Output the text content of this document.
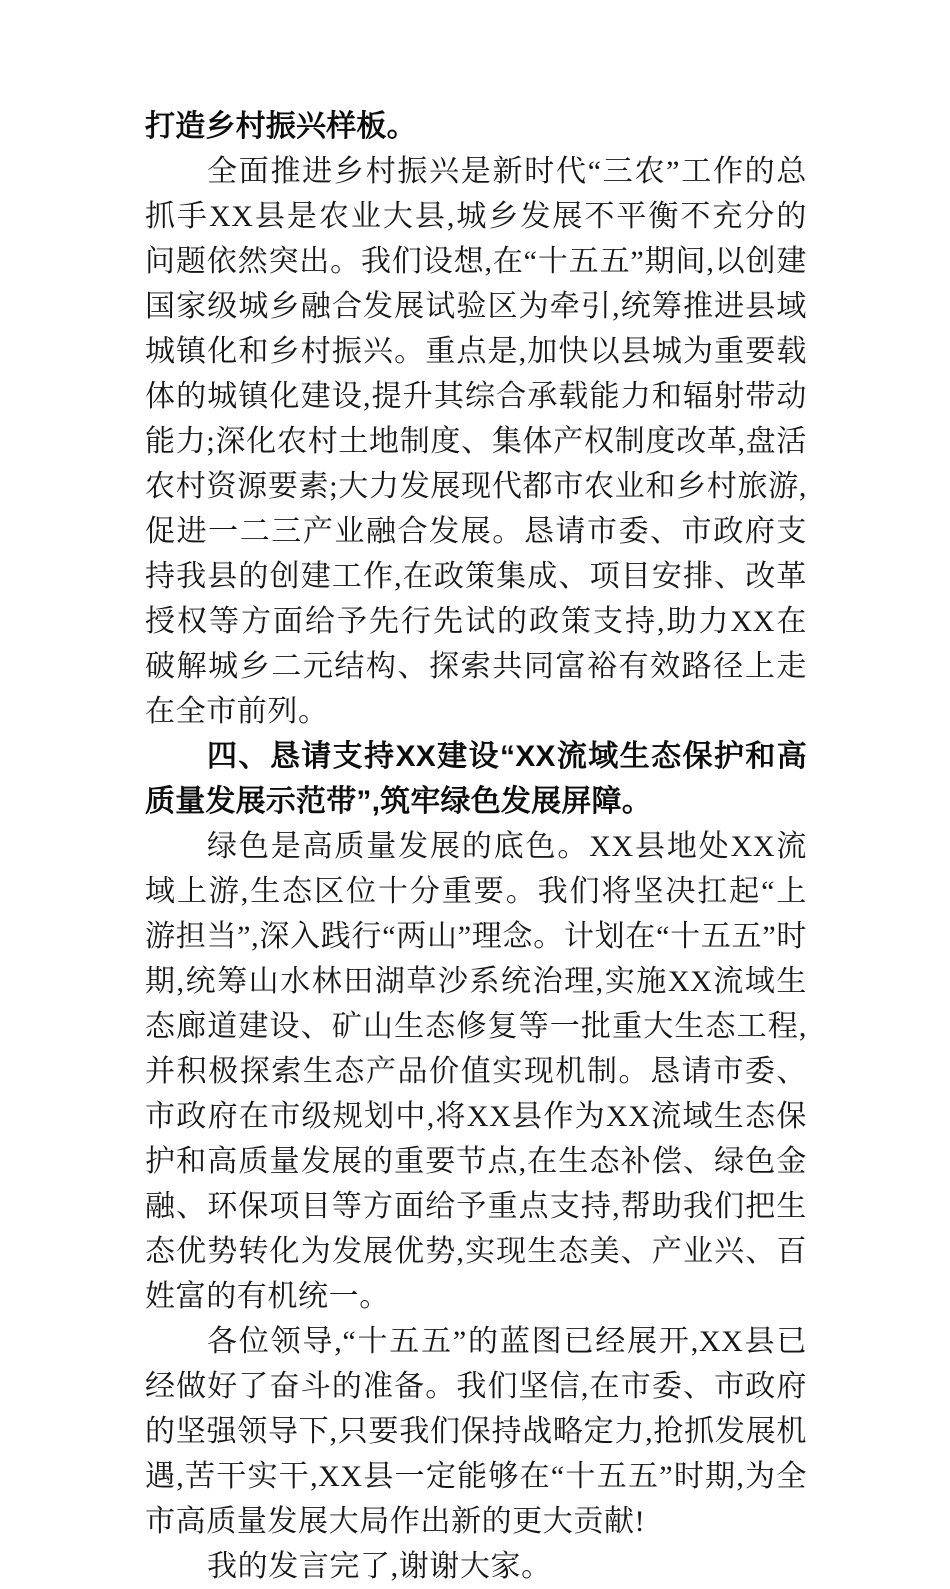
打造乡村振兴样板。

全面推进乡村振兴是新时代“三农”工作的总抓手XX县是农业大县,城乡发展不平衡不充分的问题依然突出。我们设想,在“十五五”期间,以创建国家级城乡融合发展试验区为牵引,统筹推进县域城镇化和乡村振兴。重点是,加快以县城为重要载体的城镇化建设,提升其综合承载能力和辐射带动能力;深化农村土地制度、集体产权制度改革,盘活农村资源要素;大力发展现代都市农业和乡村旅游,促进一二三产业融合发展。恳请市委、市政府支持我县的创建工作,在政策集成、项目安排、改革授权等方面给予先行先试的政策支持,助力XX在破解城乡二元结构、探索共同富裕有效路径上走在全市前列。

四、恳请支持XX建设“XX流域生态保护和高质量发展示范带”,筑牢绿色发展屏障。

绿色是高质量发展的底色。XX县地处XX流域上游,生态区位十分重要。我们将坚决扛起“上游担当”,深入践行“两山”理念。计划在“十五五”时期,统筹山水林田湖草沙系统治理,实施XX流域生态廊道建设、矿山生态修复等一批重大生态工程,并积极探索生态产品价值实现机制。恳请市委、市政府在市级规划中,将XX县作为XX流域生态保护和高质量发展的重要节点,在生态补偿、绿色金融、环保项目等方面给予重点支持,帮助我们把生态优势转化为发展优势,实现生态美、产业兴、百姓富的有机统一。

各位领导,“十五五”的蓝图已经展开,XX县已经做好了奋斗的准备。我们坚信,在市委、市政府的坚强领导下,只要我们保持战略定力,抢抓发展机遇,苦干实干,XX县一定能够在“十五五”时期,为全市高质量发展大局作出新的更大贡献!

我的发言完了,谢谢大家。
